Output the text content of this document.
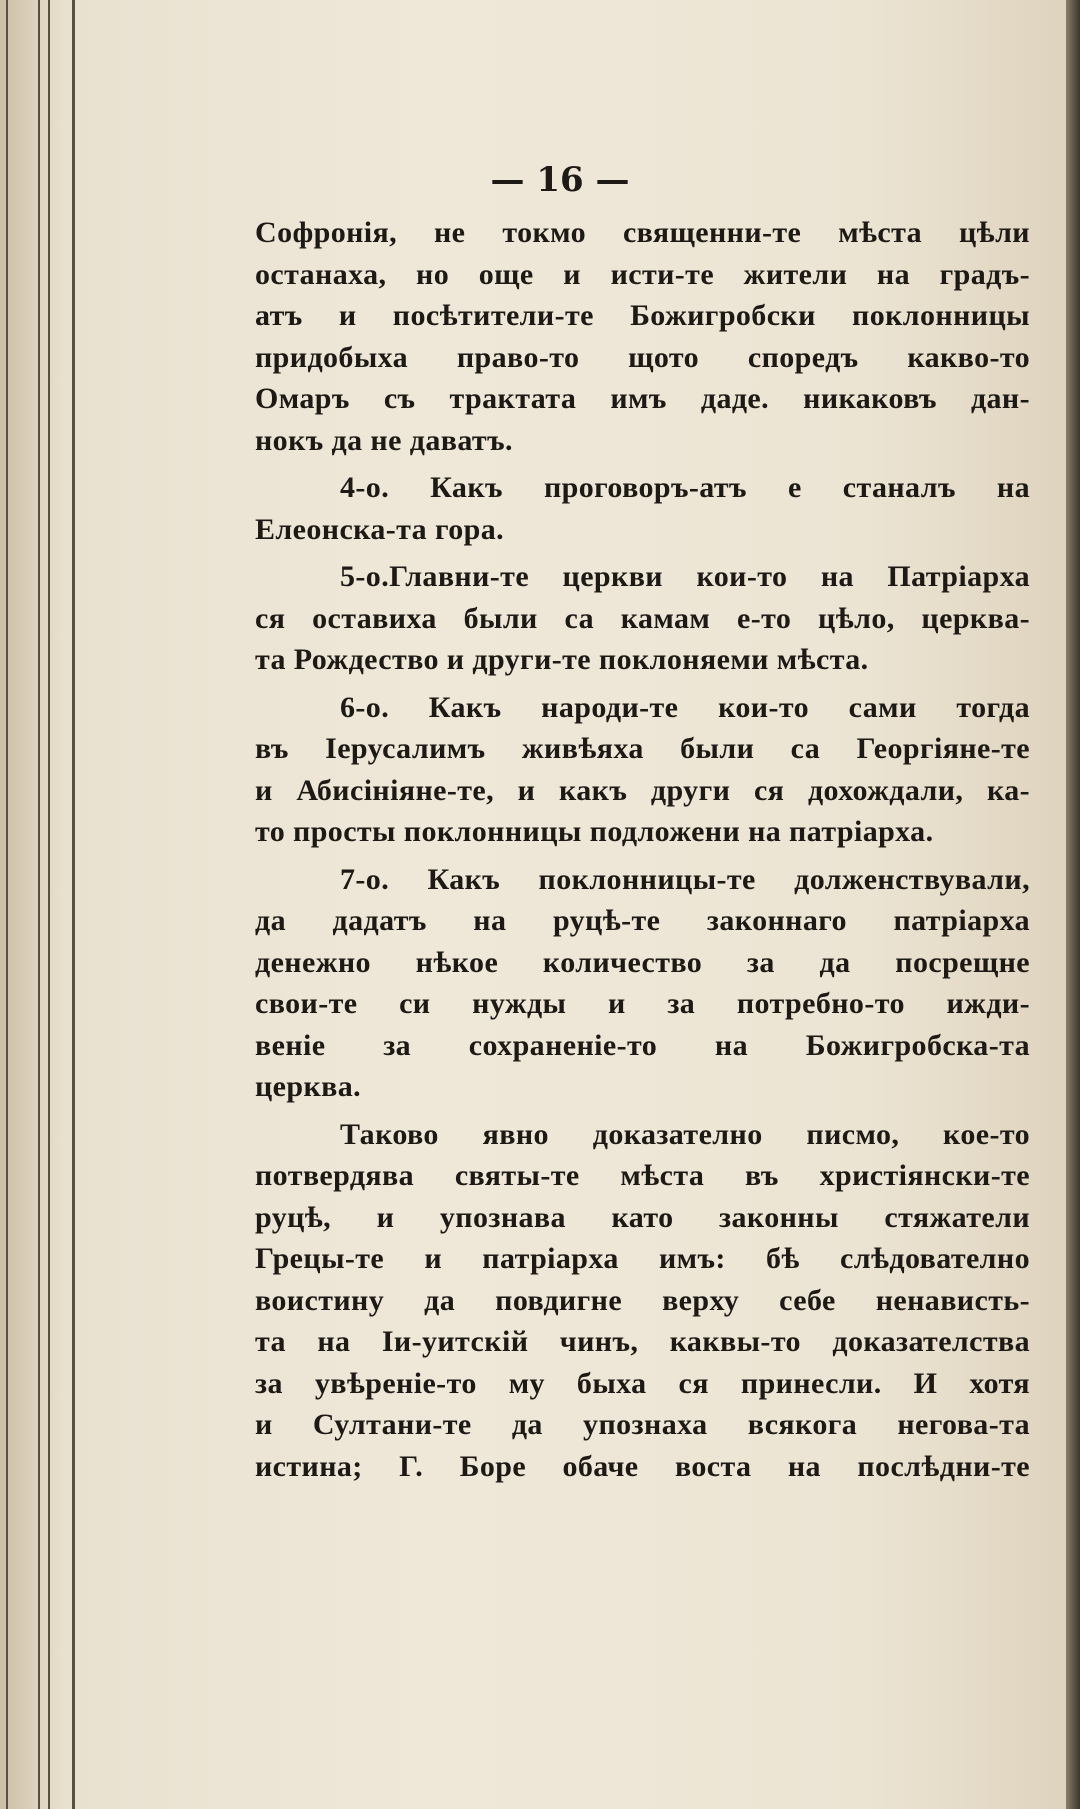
— 16 —
Софронія, не токмо священни-те мѣста цѣли
останаха, но още и исти-те жители на градъ-
атъ и посѣтители-те Божигробски поклонницы
придобыха право-то щото споредъ какво-то
Омаръ съ трактата имъ даде. никаковъ дан-
нокъ да не даватъ.
4-о. Какъ проговоръ-атъ е станалъ на
Елеонска-та гора.
5-о.Главни-те церкви кои-то на Патріарха
ся оставиха были са камам е-то цѣло, церква-
та Рождество и други-те поклоняеми мѣста.
6-о. Какъ народи-те кои-то сами тогда
въ Іерусалимъ живѣяха были са Георгіяне-те
и Абисініяне-те, и какъ други ся дохождали, ка-
то просты поклонницы подложени на патріарха.
7-о. Какъ поклонницы-те долженствували,
да дадатъ на руцѣ-те законнаго патріарха
денежно нѣкое количество за да посрещне
свои-те си нужды и за потребно-то ижди-
веніе за сохраненіе-то на Божигробска-та
церква.
Таково явно доказателно писмо, кое-то
потвердява святы-те мѣста въ христіянски-те
руцѣ, и упознава като законны стяжатели
Грецы-те и патріарха имъ: бѣ слѣдователно
воистину да повдигне верху себе ненависть-
та на Іи-уитскій чинъ, каквы-то доказателства
за увѣреніе-то му быха ся принесли. И хотя
и Султани-те да упознаха всякога негова-та
истина; Г. Боре обаче воста на послѣдни-те
